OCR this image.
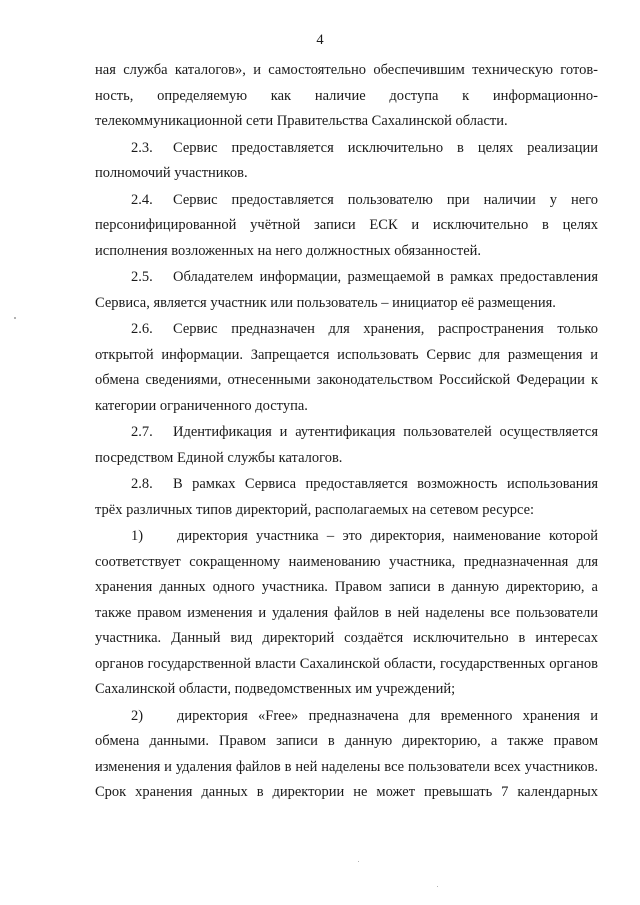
4

ная служба каталогов», и самостоятельно обеспечившим техническую готов-
ность, определяемую как наличие доступа к информационно-
телекоммуникационной сети Правительства Сахалинской области.

2.3. Сервис предоставляется исключительно в целях реализации полномочий участников.

2.4. Сервис предоставляется пользователю при наличии у него персонифицированной учётной записи ЕСК и исключительно в целях исполнения возложенных на него должностных обязанностей.

2.5. Обладателем информации, размещаемой в рамках предоставления Сервиса, является участник или пользователь – инициатор её размещения.

2.6. Сервис предназначен для хранения, распространения только открытой информации. Запрещается использовать Сервис для размещения и обмена сведениями, отнесенными законодательством Российской Федерации к категории ограниченного доступа.

2.7. Идентификация и аутентификация пользователей осуществляется посредством Единой службы каталогов.

2.8. В рамках Сервиса предоставляется возможность использования трёх различных типов директорий, располагаемых на сетевом ресурсе:

1) директория участника – это директория, наименование которой соответствует сокращенному наименованию участника, предназначенная для хранения данных одного участника. Правом записи в данную директорию, а также правом изменения и удаления файлов в ней наделены все пользователи участника. Данный вид директорий создаётся исключительно в интересах органов государственной власти Сахалинской области, государственных органов Сахалинской области, подведомственных им учреждений;

2) директория «Free» предназначена для временного хранения и обмена данными. Правом записи в данную директорию, а также правом изменения и удаления файлов в ней наделены все пользователи всех участников. Срок хранения данных в директории не может превышать 7 календарных
